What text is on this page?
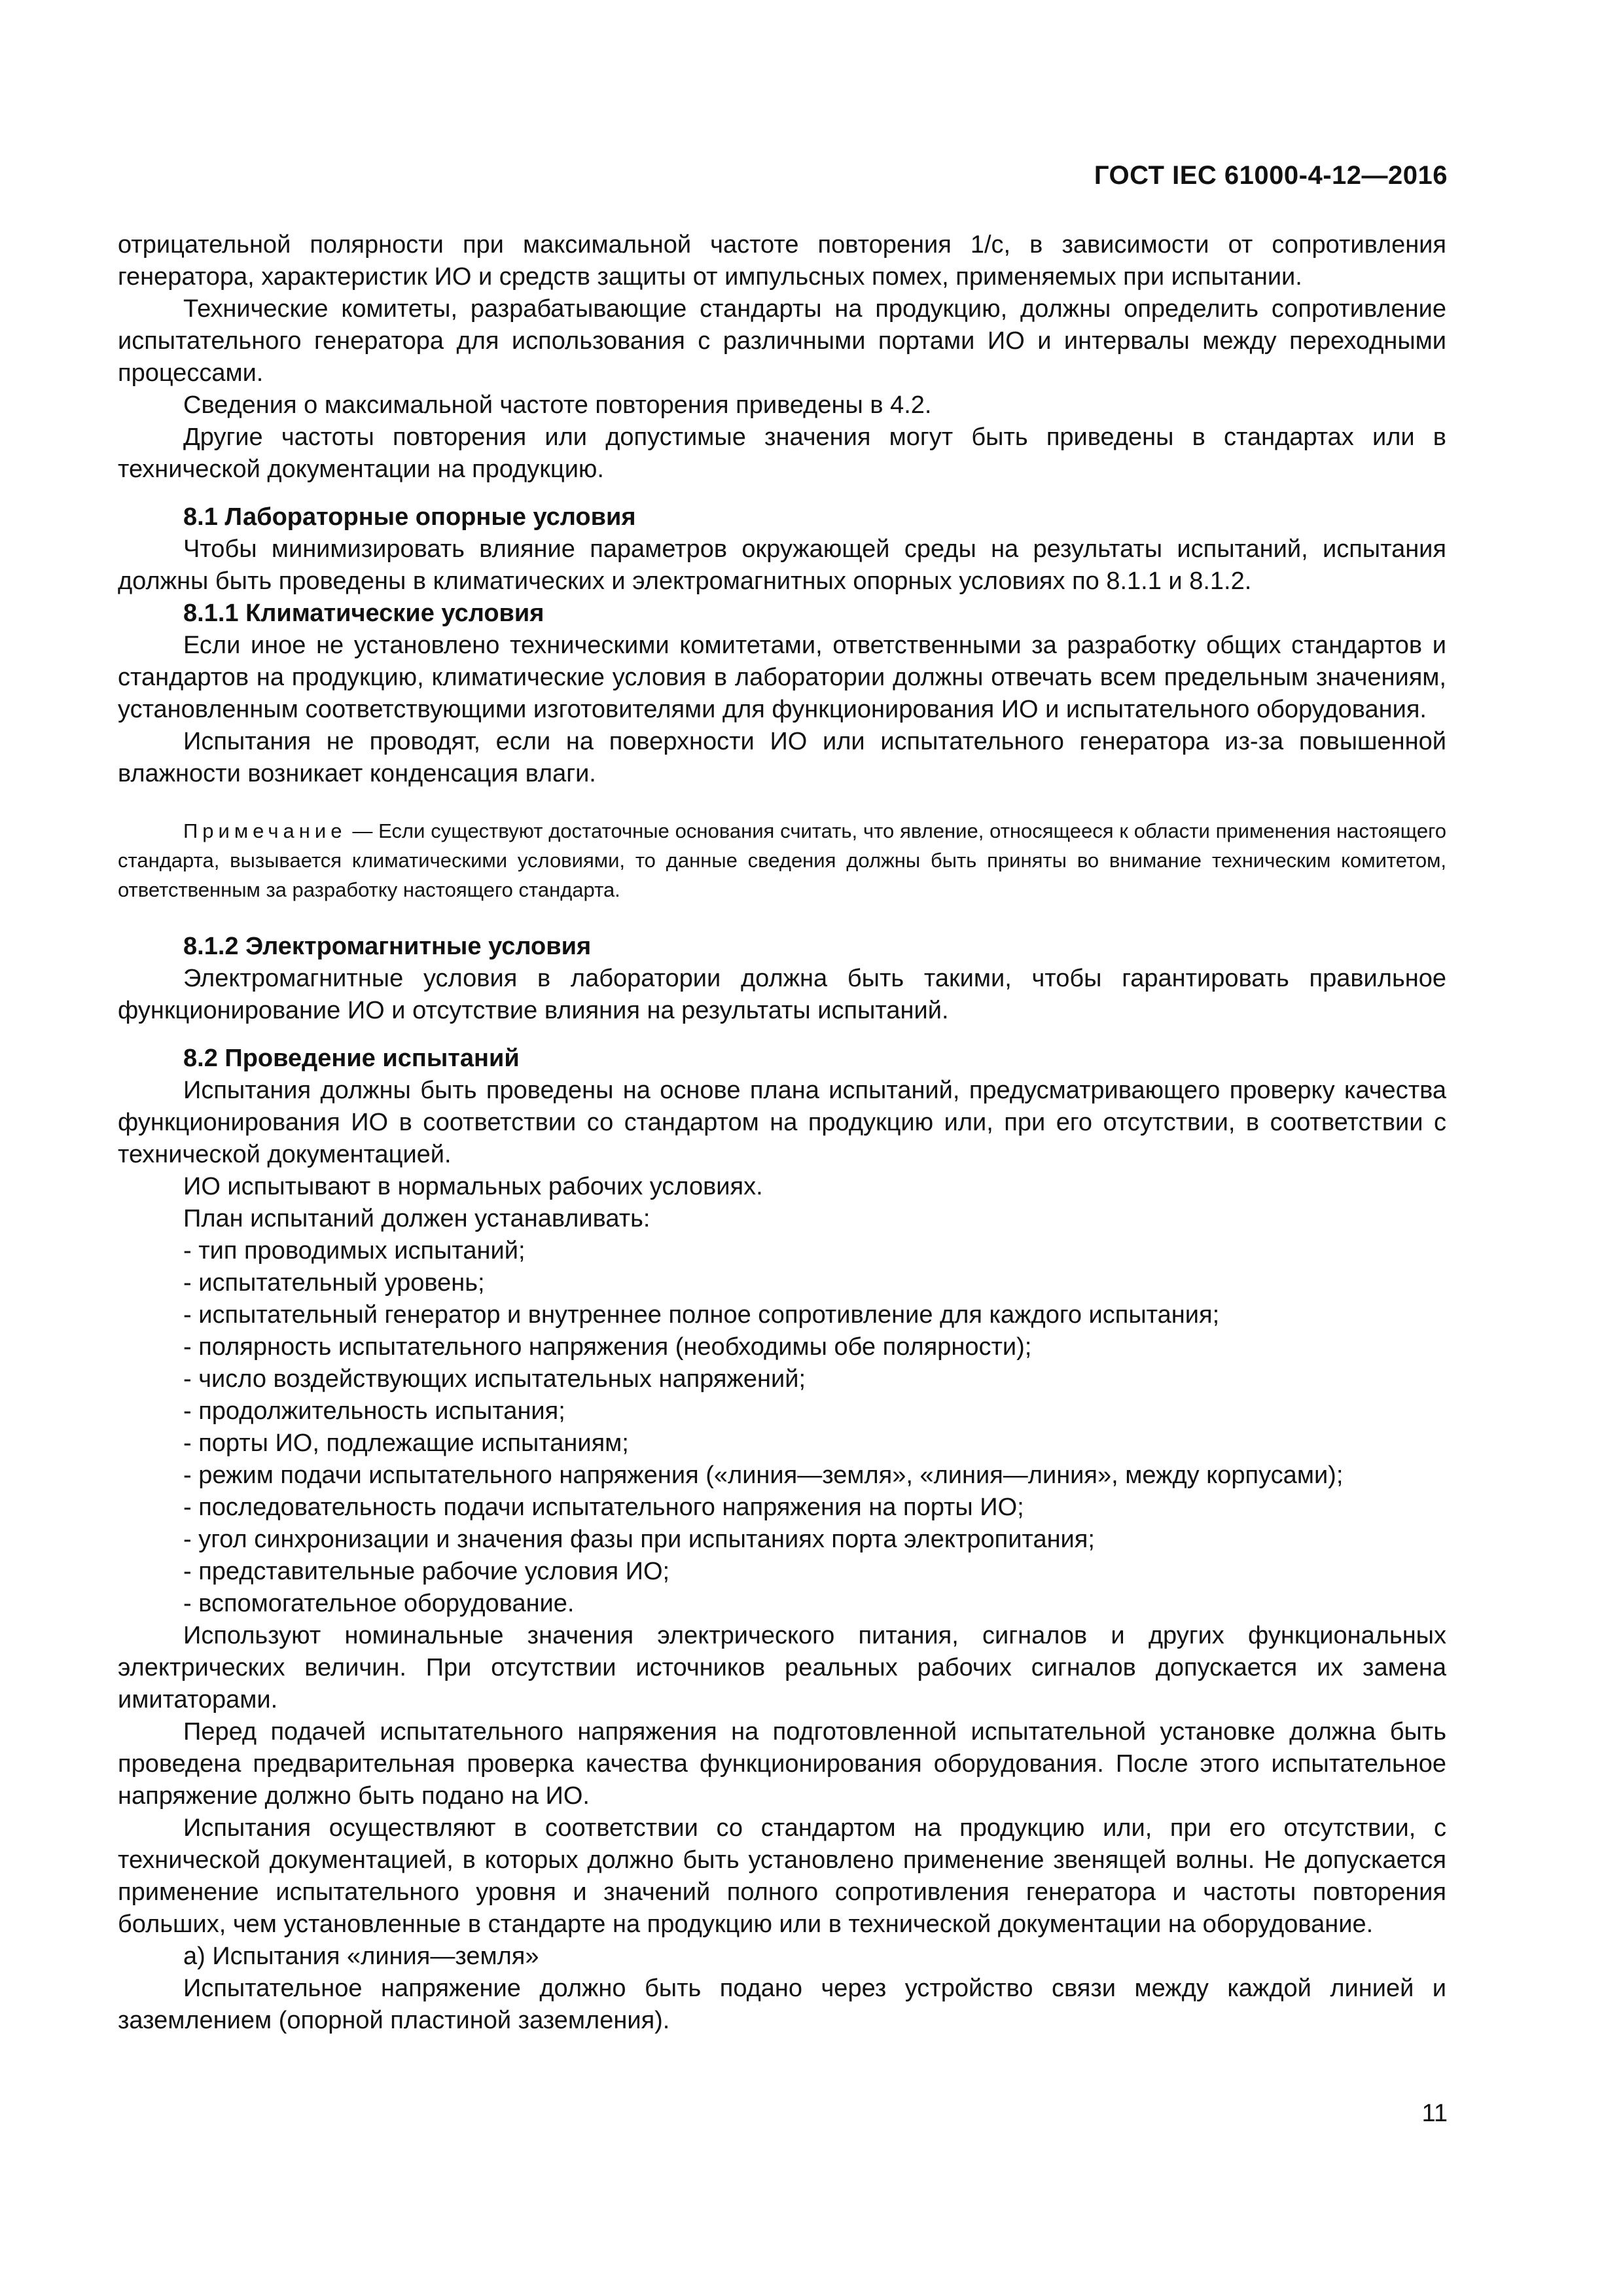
ГОСТ IEC 61000-4-12—2016

отрицательной полярности при максимальной частоте повторения 1/с, в зависимости от сопротивления генератора, характеристик ИО и средств защиты от импульсных помех, применяемых при испытании.

Технические комитеты, разрабатывающие стандарты на продукцию, должны определить сопротивление испытательного генератора для использования с различными портами ИО и интервалы между переходными процессами.

Сведения о максимальной частоте повторения приведены в 4.2.

Другие частоты повторения или допустимые значения могут быть приведены в стандартах или в технической документации на продукцию.

8.1 Лабораторные опорные условия

Чтобы минимизировать влияние параметров окружающей среды на результаты испытаний, испытания должны быть проведены в климатических и электромагнитных опорных условиях по 8.1.1 и 8.1.2.

8.1.1 Климатические условия

Если иное не установлено техническими комитетами, ответственными за разработку общих стандартов и стандартов на продукцию, климатические условия в лаборатории должны отвечать всем предельным значениям, установленным соответствующими изготовителями для функционирования ИО и испытательного оборудования.

Испытания не проводят, если на поверхности ИО или испытательного генератора из-за повышенной влажности возникает конденсация влаги.

Примечание — Если существуют достаточные основания считать, что явление, относящееся к области применения настоящего стандарта, вызывается климатическими условиями, то данные сведения должны быть приняты во внимание техническим комитетом, ответственным за разработку настоящего стандарта.

8.1.2 Электромагнитные условия

Электромагнитные условия в лаборатории должна быть такими, чтобы гарантировать правильное функционирование ИО и отсутствие влияния на результаты испытаний.

8.2 Проведение испытаний

Испытания должны быть проведены на основе плана испытаний, предусматривающего проверку качества функционирования ИО в соответствии со стандартом на продукцию или, при его отсутствии, в соответствии с технической документацией.

ИО испытывают в нормальных рабочих условиях.

План испытаний должен устанавливать:

- тип проводимых испытаний;

- испытательный уровень;

- испытательный генератор и внутреннее полное сопротивление для каждого испытания;

- полярность испытательного напряжения (необходимы обе полярности);

- число воздействующих испытательных напряжений;

- продолжительность испытания;

- порты ИО, подлежащие испытаниям;

- режим подачи испытательного напряжения («линия—земля», «линия—линия», между корпусами);

- последовательность подачи испытательного напряжения на порты ИО;

- угол синхронизации и значения фазы при испытаниях порта электропитания;

- представительные рабочие условия ИО;

- вспомогательное оборудование.

Используют номинальные значения электрического питания, сигналов и других функциональных электрических величин. При отсутствии источников реальных рабочих сигналов допускается их замена имитаторами.

Перед подачей испытательного напряжения на подготовленной испытательной установке должна быть проведена предварительная проверка качества функционирования оборудования. После этого испытательное напряжение должно быть подано на ИО.

Испытания осуществляют в соответствии со стандартом на продукцию или, при его отсутствии, с технической документацией, в которых должно быть установлено применение звенящей волны. Не допускается применение испытательного уровня и значений полного сопротивления генератора и частоты повторения больших, чем установленные в стандарте на продукцию или в технической документации на оборудование.

а) Испытания «линия—земля»

Испытательное напряжение должно быть подано через устройство связи между каждой линией и заземлением (опорной пластиной заземления).

11
